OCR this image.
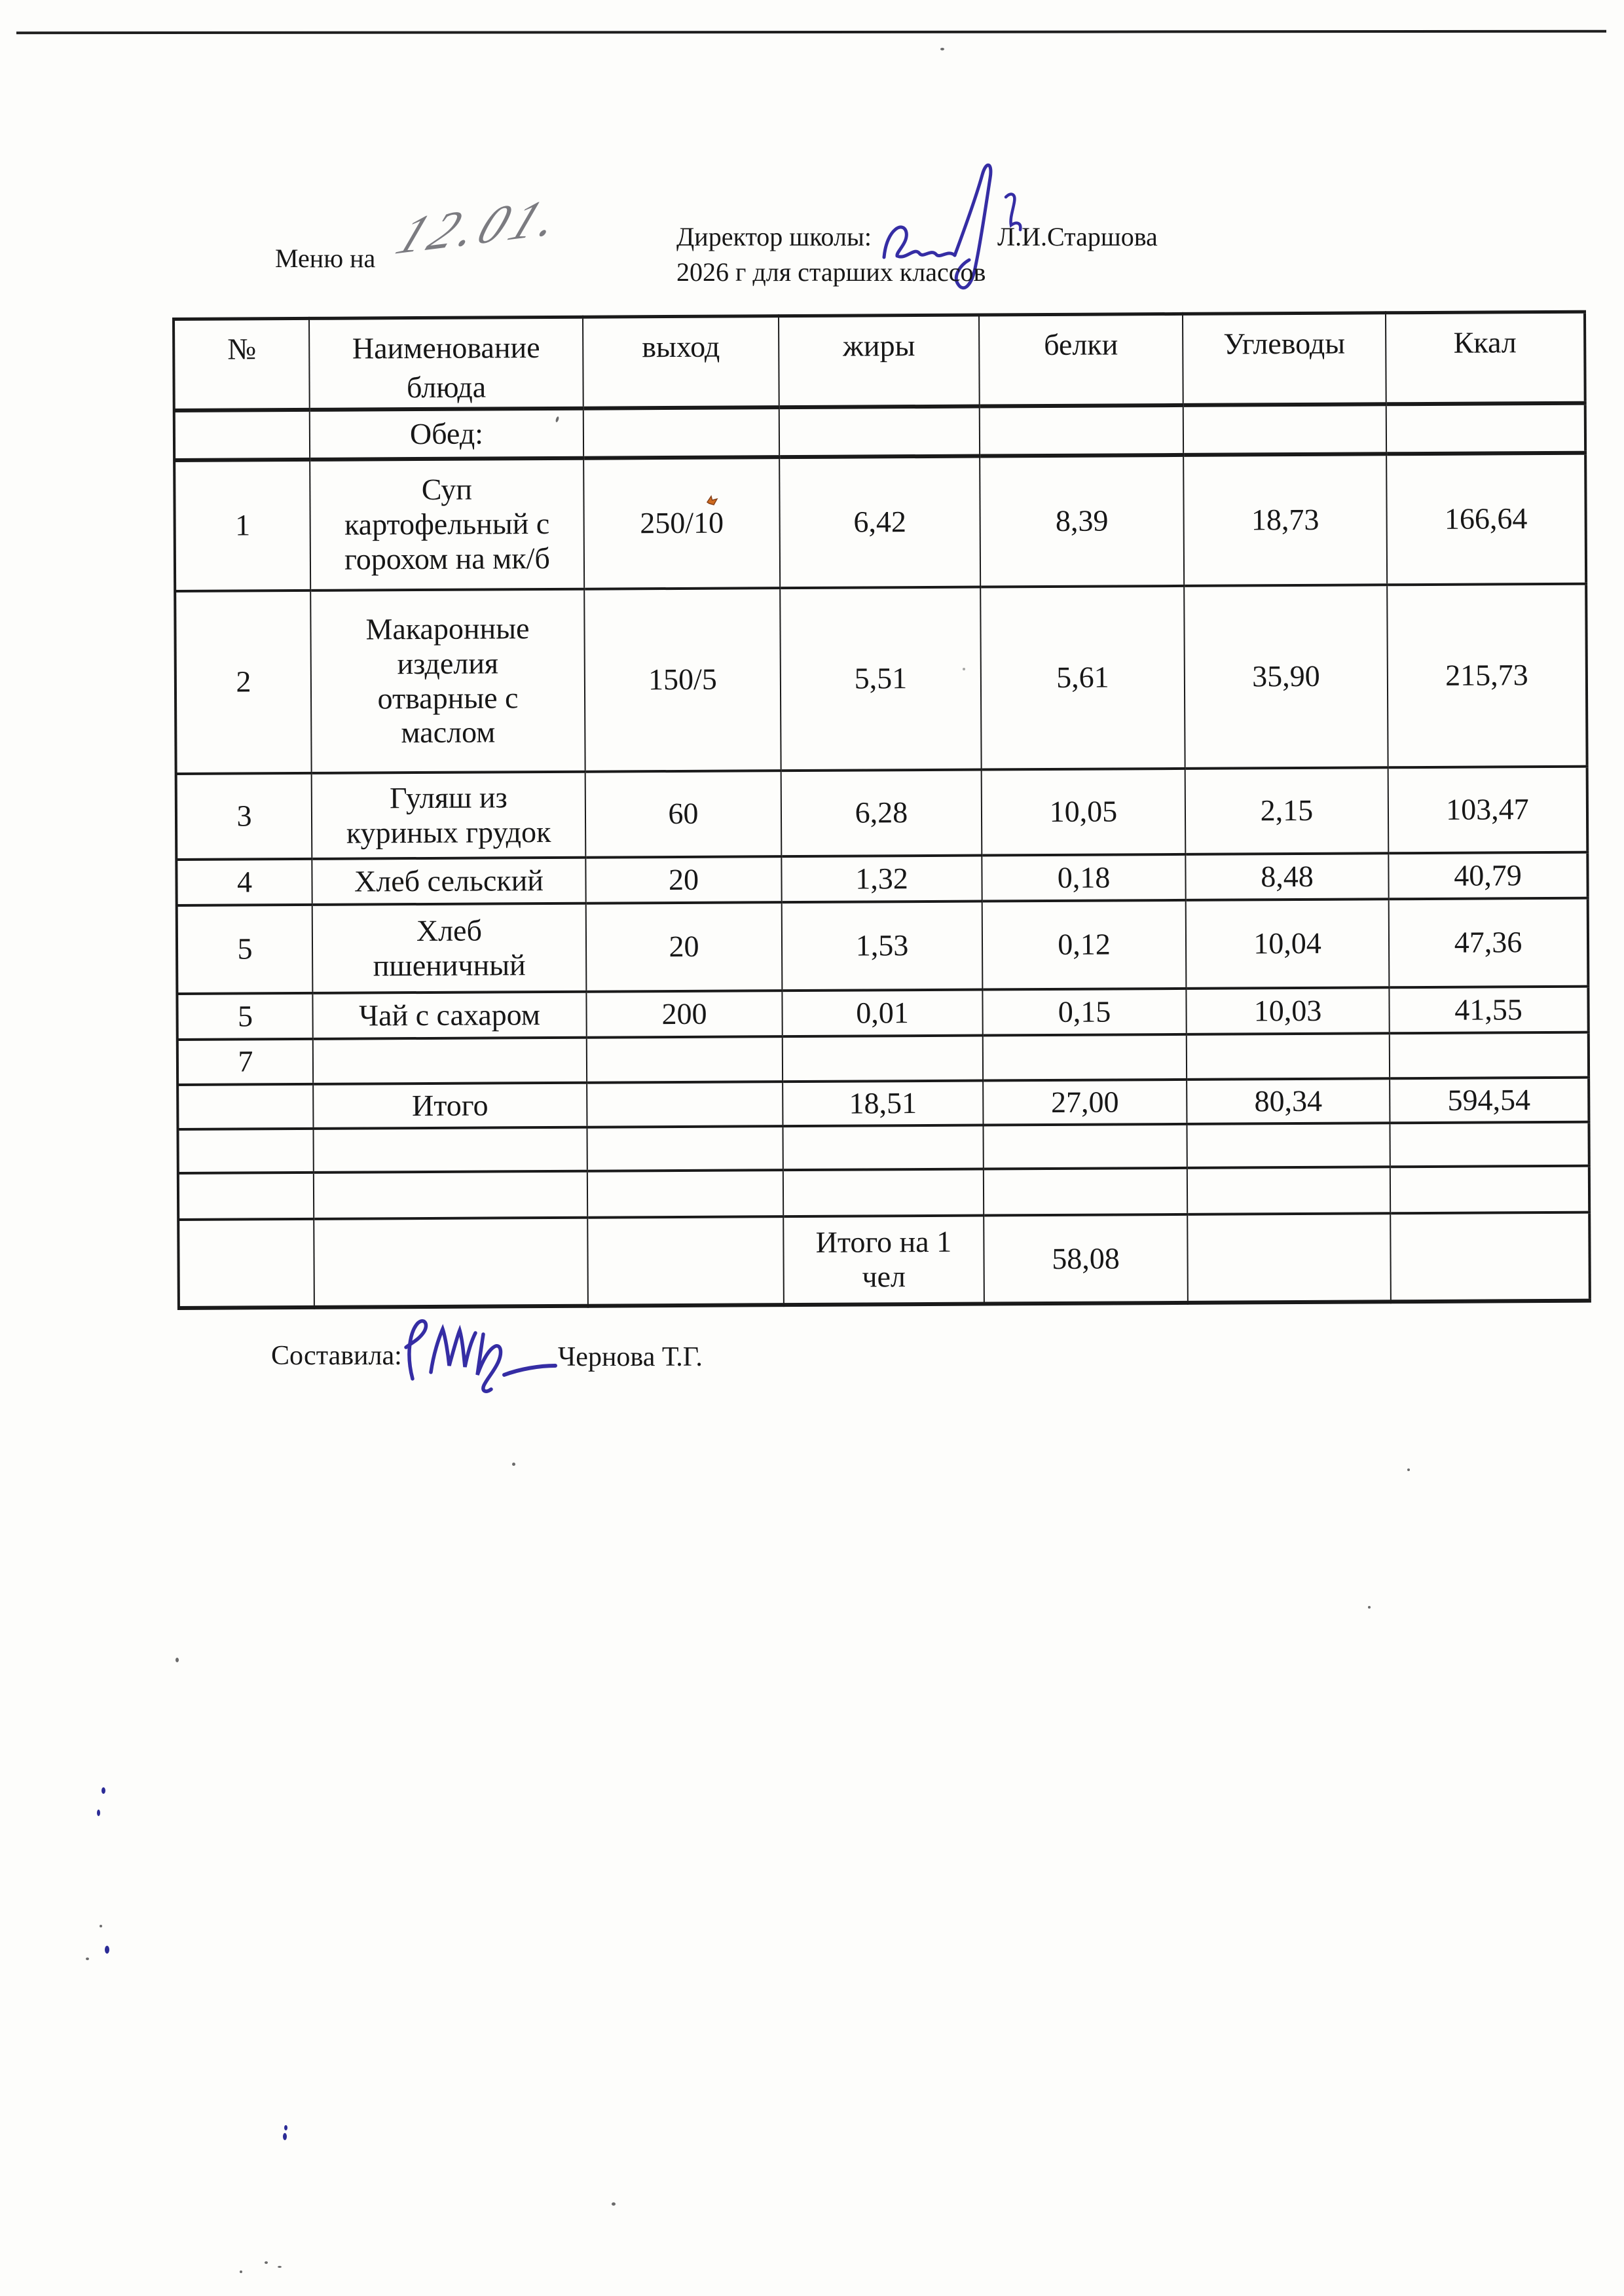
Меню на 12.01.	Директор школы:	Л.И.Старшова
2026 г для старших классов
№	Наименование блюда	выход	жиры	белки	Углеводы	Ккал
	Обед:					
1	Суп
картофельный с
горохом на мк/б	250/10	6,42	8,39	18,73	166,64
2	Макаронные
изделия
отварные с
маслом	150/5	5,51	5,61	35,90	215,73
3	Гуляш из
куриных грудок	60	6,28	10,05	2,15	103,47
4	Хлеб сельский	20	1,32	0,18	8,48	40,79
5	Хлеб
пшеничный	20	1,53	0,12	10,04	47,36
5	Чай с сахаром	200	0,01	0,15	10,03	41,55
7						
	Итого		18,51	27,00	80,34	594,54

			Итого на 1
чел	58,08		
Составила:	Чернова Т.Г.
